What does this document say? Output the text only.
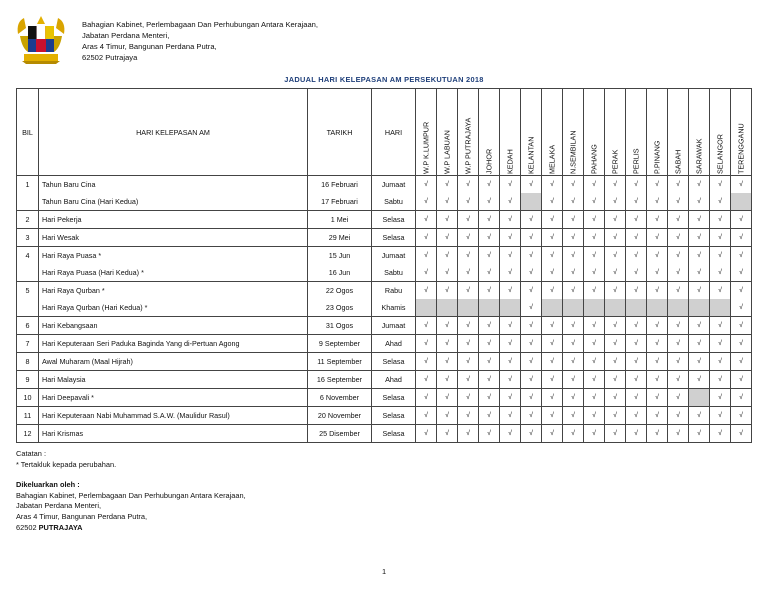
Bahagian Kabinet, Perlembagaan Dan Perhubungan Antara Kerajaan,
Jabatan Perdana Menteri,
Aras 4 Timur, Bangunan Perdana Putra,
62502 Putrajaya
JADUAL HARI KELEPASAN AM PERSEKUTUAN 2018
BIL	HARI KELEPASAN AM	TARIKH	HARI	W.P K.LUMPUR	W.P LABUAN	W.P PUTRAJAYA	JOHOR	KEDAH	KELANTAN	MELAKA	N.SEMBILAN	PAHANG	PERAK	PERLIS	P.PINANG	SABAH	SARAWAK	SELANGOR	TERENGGANU

1	Tahun Baru Cina	16 Februari	Jumaat	√	√	√	√	√	√	√	√	√	√	√	√	√	√	√	√
	Tahun Baru Cina (Hari Kedua)	17 Februari	Sabtu	√	√	√	√	√		√	√	√	√	√	√	√	√	√	
2	Hari Pekerja	1 Mei	Selasa	√	√	√	√	√	√	√	√	√	√	√	√	√	√	√	√
3	Hari Wesak	29 Mei	Selasa	√	√	√	√	√	√	√	√	√	√	√	√	√	√	√	√
4	Hari Raya Puasa *	15 Jun	Jumaat	√	√	√	√	√	√	√	√	√	√	√	√	√	√	√	√
	Hari Raya Puasa (Hari Kedua) *	16 Jun	Sabtu	√	√	√	√	√	√	√	√	√	√	√	√	√	√	√	√
5	Hari Raya Qurban *	22 Ogos	Rabu	√	√	√	√	√	√	√	√	√	√	√	√	√	√	√	√
	Hari Raya Qurban (Hari Kedua) *	23 Ogos	Khamis						√										√
6	Hari Kebangsaan	31 Ogos	Jumaat	√	√	√	√	√	√	√	√	√	√	√	√	√	√	√	√
7	Hari Keputeraan Seri Paduka Baginda Yang di-Pertuan Agong	9 September	Ahad	√	√	√	√	√	√	√	√	√	√	√	√	√	√	√	√
8	Awal Muharam (Maal Hijrah)	11 September	Selasa	√	√	√	√	√	√	√	√	√	√	√	√	√	√	√	√
9	Hari Malaysia	16 September	Ahad	√	√	√	√	√	√	√	√	√	√	√	√	√	√	√	√
10	Hari Deepavali *	6 November	Selasa	√	√	√	√	√	√	√	√	√	√	√	√	√		√	√
11	Hari Keputeraan Nabi Muhammad S.A.W. (Maulidur Rasul)	20 November	Selasa	√	√	√	√	√	√	√	√	√	√	√	√	√	√	√	√
12	Hari Krismas	25 Disember	Selasa	√	√	√	√	√	√	√	√	√	√	√	√	√	√	√	√
Catatan :
* Tertakluk kepada perubahan.
Dikeluarkan oleh :
Bahagian Kabinet, Perlembagaan Dan Perhubungan Antara Kerajaan,
Jabatan Perdana Menteri,
Aras 4 Timur, Bangunan Perdana Putra,
62502 PUTRAJAYA
1
